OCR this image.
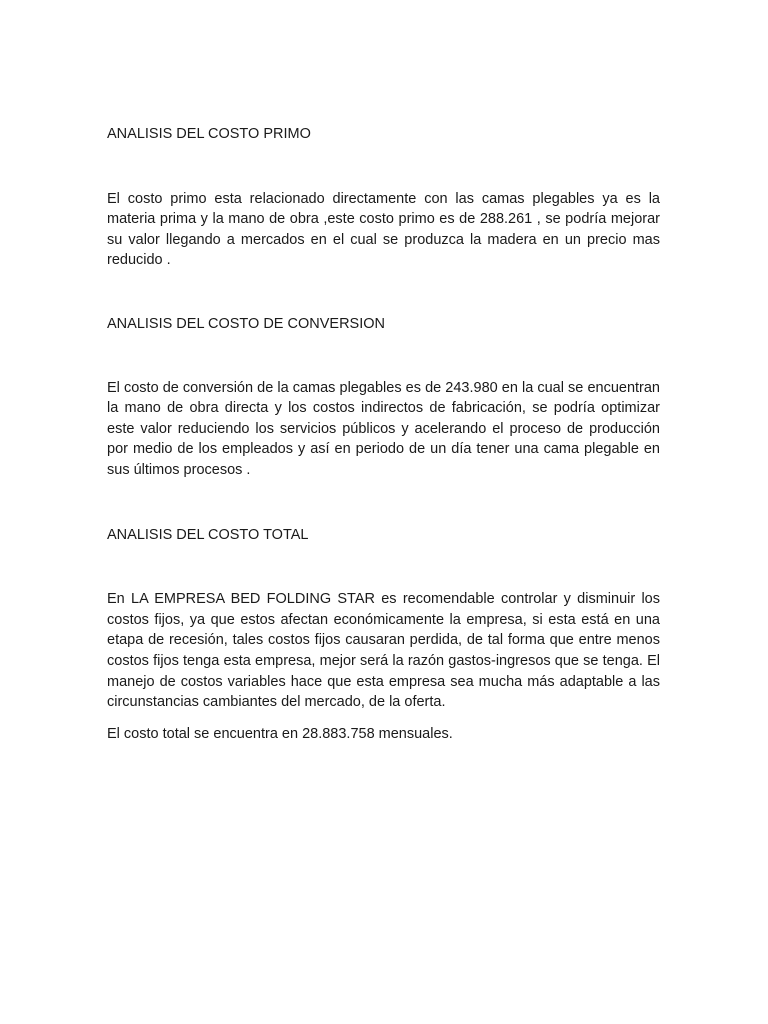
ANALISIS DEL COSTO PRIMO

El costo primo esta relacionado directamente con las camas plegables ya es la materia prima y la mano de obra ,este costo primo es de 288.261 , se podría mejorar su valor llegando a mercados en el cual se produzca la madera en un precio mas reducido .

ANALISIS DEL COSTO DE CONVERSION

El costo de conversión de la camas plegables es de 243.980 en la cual se encuentran la mano de obra directa y los costos indirectos de fabricación, se podría optimizar este valor reduciendo los servicios públicos y acelerando el proceso de producción por medio de los empleados y así en periodo de un día tener una cama plegable en sus últimos procesos .

ANALISIS DEL COSTO TOTAL

En LA EMPRESA BED FOLDING STAR es recomendable controlar y disminuir los costos fijos, ya que estos afectan económicamente la empresa, si esta está en una etapa de recesión, tales costos fijos causaran perdida, de tal forma que entre menos costos fijos tenga esta empresa, mejor será la razón gastos-ingresos que se tenga. El manejo de costos variables hace que esta empresa sea mucha más adaptable a las circunstancias cambiantes del mercado, de la oferta.

El costo total se encuentra en 28.883.758 mensuales.
